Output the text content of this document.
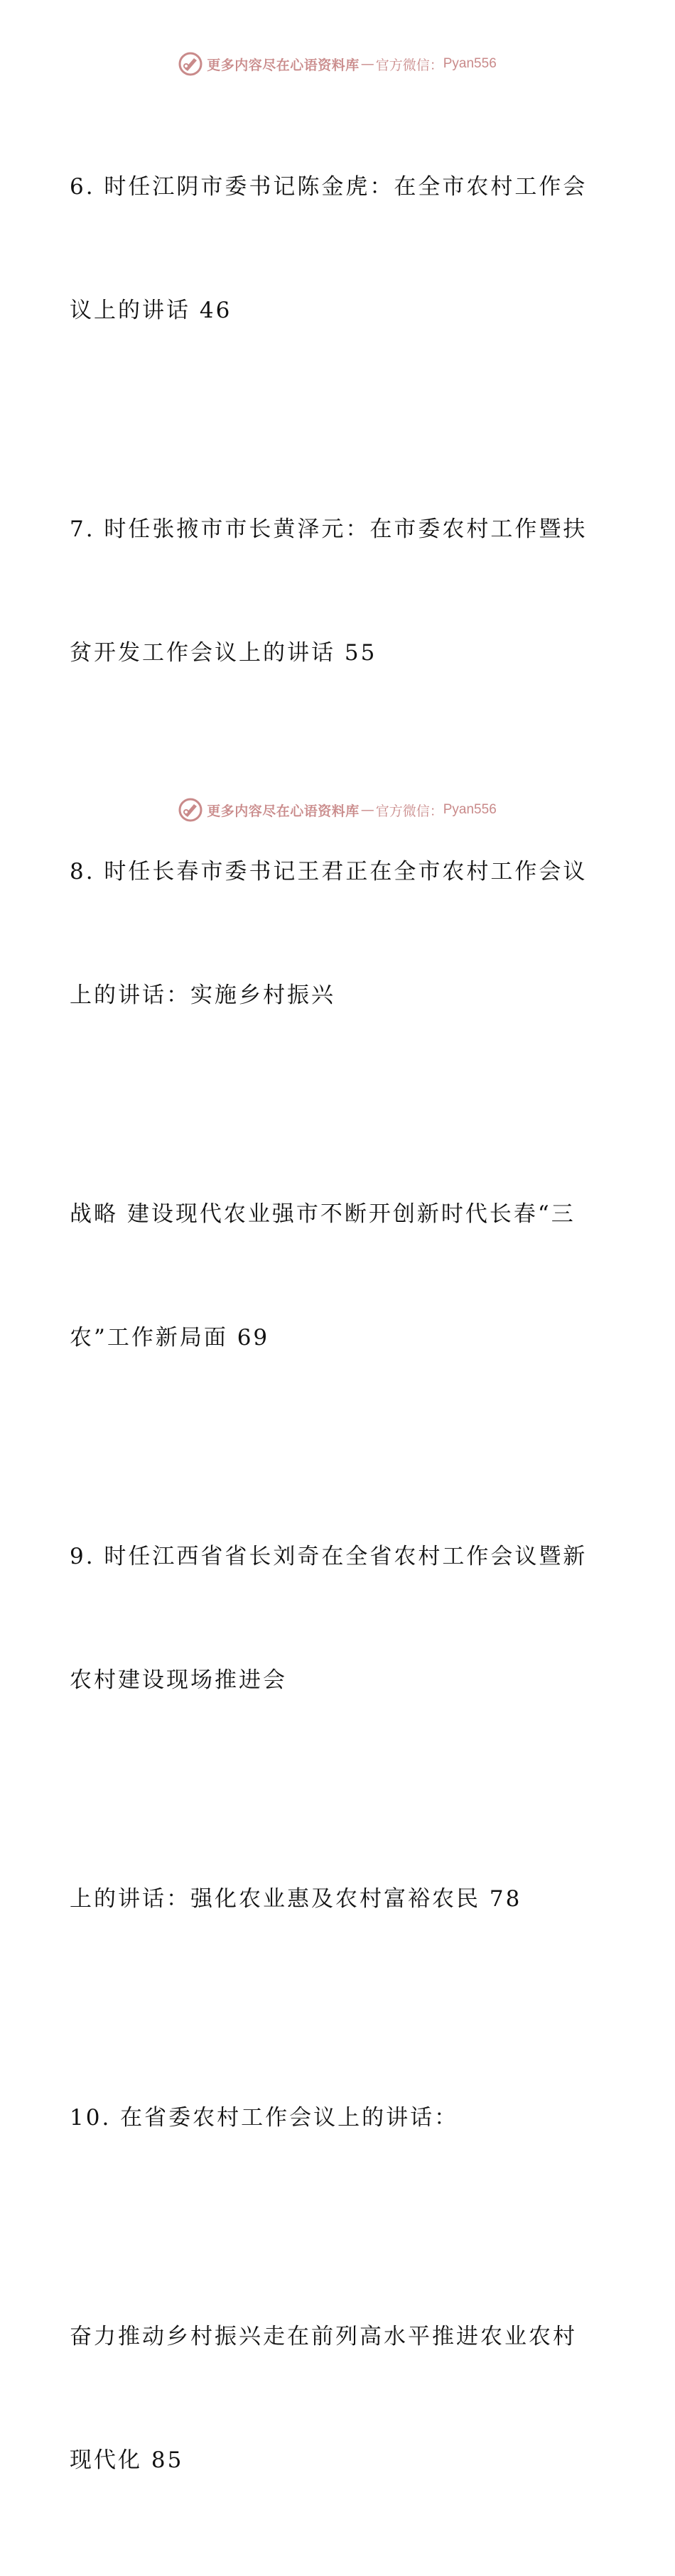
更多内容尽在心语资料库 — 官方微信： Pyan556

6. 时任江阴市委书记陈金虎：在全市农村工作会

议上的讲话 46

7. 时任张掖市市长黄泽元：在市委农村工作暨扶

贫开发工作会议上的讲话 55

8. 时任长春市委书记王君正在全市农村工作会议

上的讲话：实施乡村振兴

战略 建设现代农业强市不断开创新时代长春“三

农”工作新局面 69

9. 时任江西省省长刘奇在全省农村工作会议暨新

农村建设现场推进会

上的讲话：强化农业惠及农村富裕农民 78

10. 在省委农村工作会议上的讲话：

奋力推动乡村振兴走在前列高水平推进农业农村

现代化 85

更多内容尽在心语资料库 — 官方微信： Pyan556
